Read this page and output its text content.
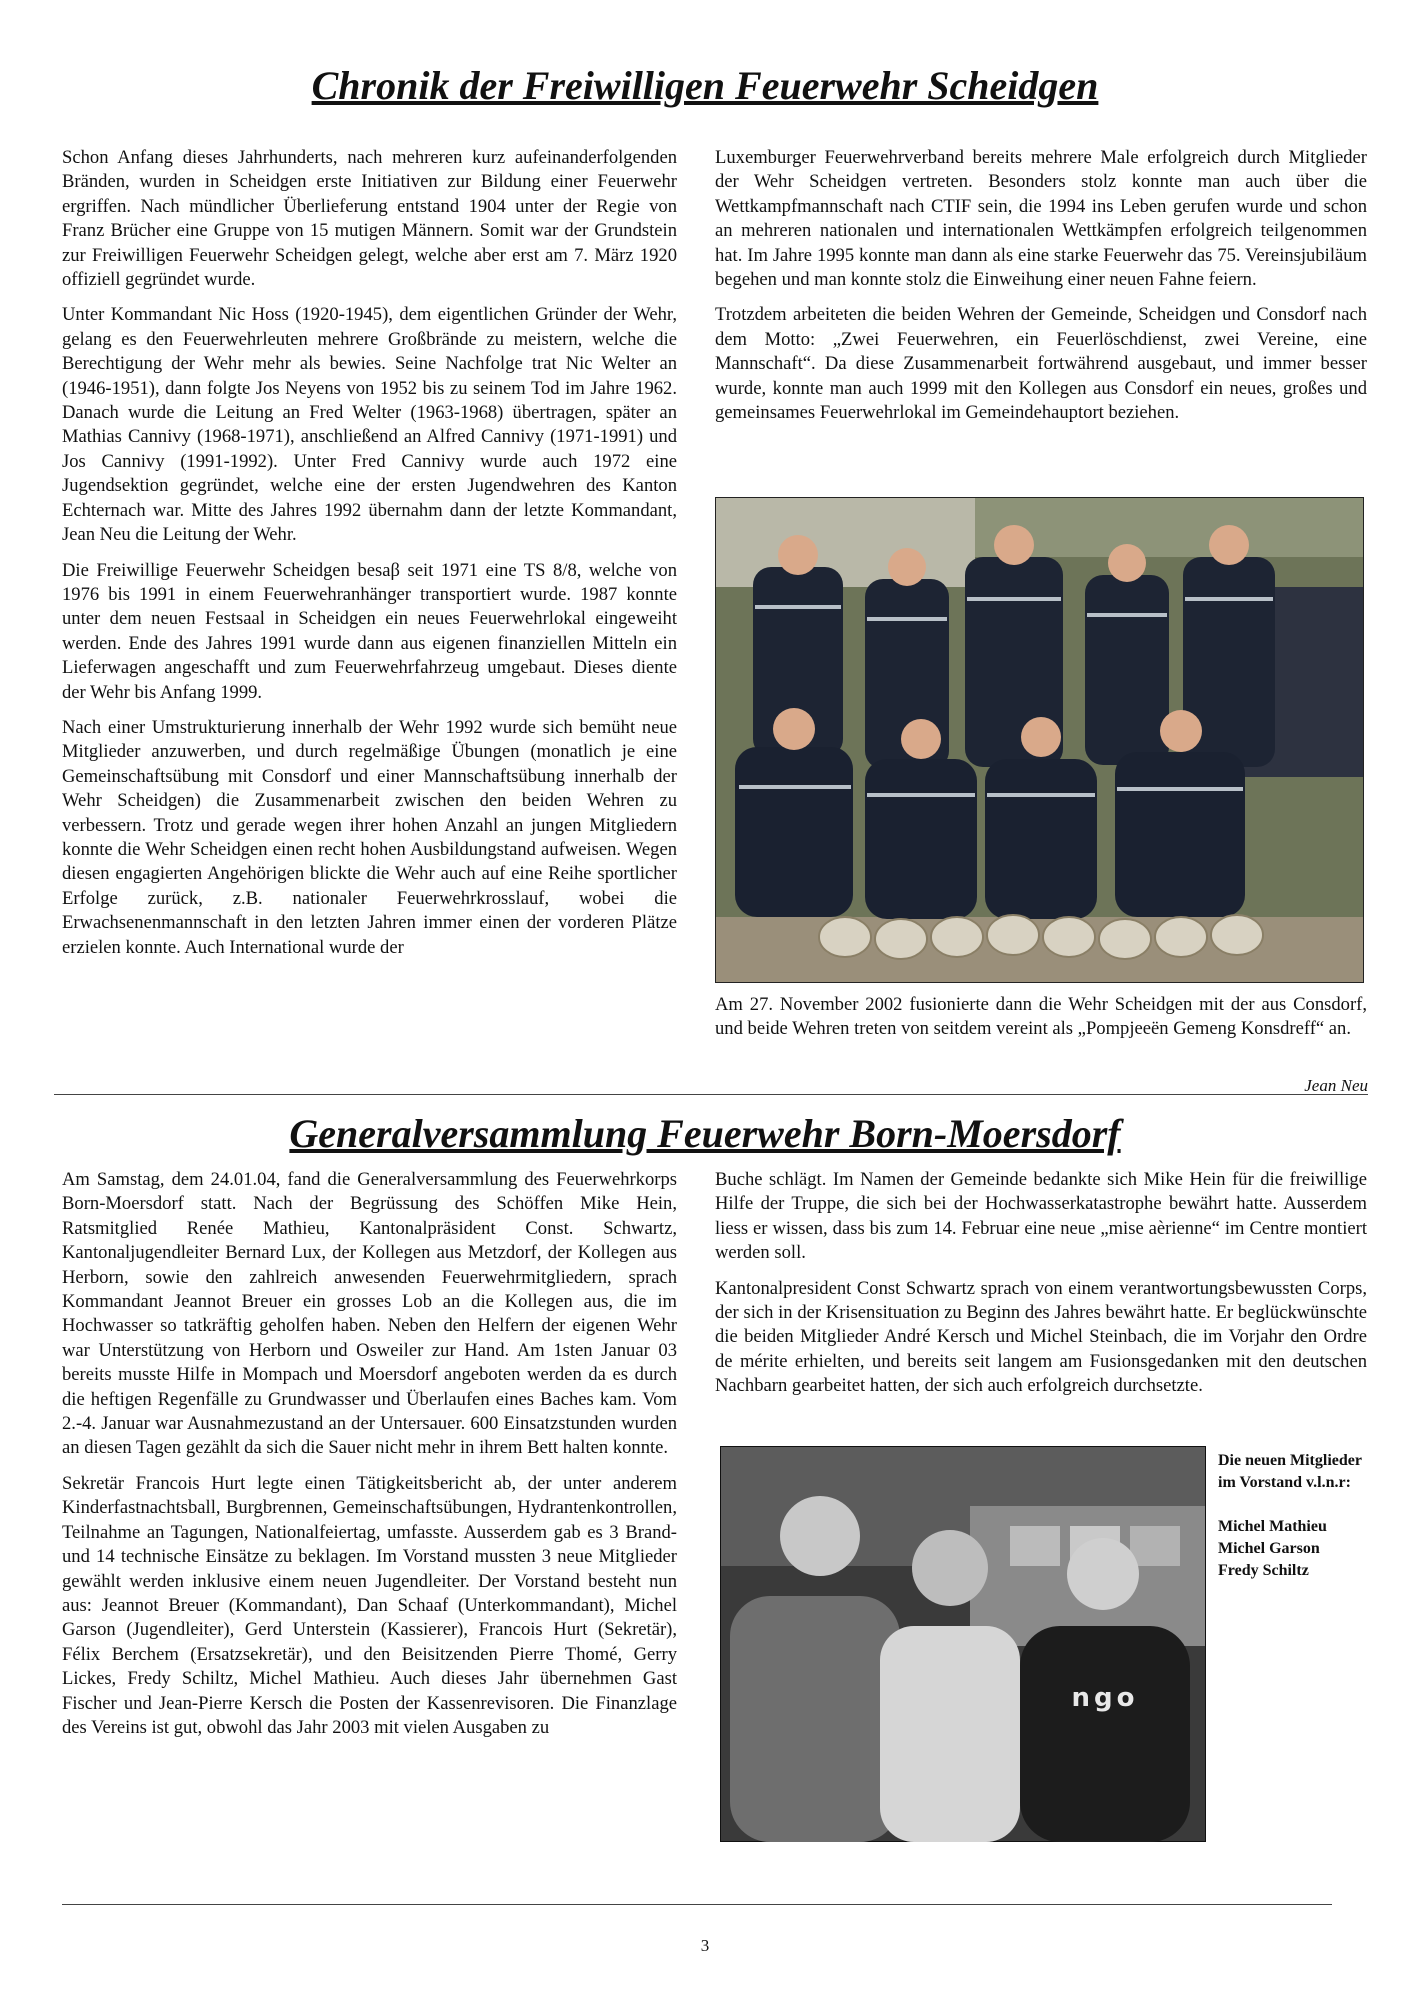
Chronik der Freiwilligen Feuerwehr Scheidgen

Schon Anfang dieses Jahrhunderts, nach mehreren kurz aufeinanderfolgenden Bränden, wurden in Scheidgen erste Initiativen zur Bildung einer Feuerwehr ergriffen. Nach mündlicher Überlieferung entstand 1904 unter der Regie von Franz Brücher eine Gruppe von 15 mutigen Männern. Somit war der Grundstein zur Freiwilligen Feuerwehr Scheidgen gelegt, welche aber erst am 7. März 1920 offiziell gegründet wurde.

Unter Kommandant Nic Hoss (1920-1945), dem eigentlichen Gründer der Wehr, gelang es den Feuerwehrleuten mehrere Großbrände zu meistern, welche die Berechtigung der Wehr mehr als bewies. Seine Nachfolge trat Nic Welter an (1946-1951), dann folgte Jos Neyens von 1952 bis zu seinem Tod im Jahre 1962. Danach wurde die Leitung an Fred Welter (1963-1968) übertragen, später an Mathias Cannivy (1968-1971), anschließend an Alfred Cannivy (1971-1991) und Jos Cannivy (1991-1992). Unter Fred Cannivy wurde auch 1972 eine Jugendsektion gegründet, welche eine der ersten Jugendwehren des Kanton Echternach war. Mitte des Jahres 1992 übernahm dann der letzte Kommandant, Jean Neu die Leitung der Wehr.

Die Freiwillige Feuerwehr Scheidgen besaβ seit 1971 eine TS 8/8, welche von 1976 bis 1991 in einem Feuerwehranhänger transportiert wurde. 1987 konnte unter dem neuen Festsaal in Scheidgen ein neues Feuerwehrlokal eingeweiht werden. Ende des Jahres 1991 wurde dann aus eigenen finanziellen Mitteln ein Lieferwagen angeschafft und zum Feuerwehrfahrzeug umgebaut. Dieses diente der Wehr bis Anfang 1999.

Nach einer Umstrukturierung innerhalb der Wehr 1992 wurde sich bemüht neue Mitglieder anzuwerben, und durch regelmäßige Übungen (monatlich je eine Gemeinschaftsübung mit Consdorf und einer Mannschaftsübung innerhalb der Wehr Scheidgen) die Zusammenarbeit zwischen den beiden Wehren zu verbessern. Trotz und gerade wegen ihrer hohen Anzahl an jungen Mitgliedern konnte die Wehr Scheidgen einen recht hohen Ausbildungstand aufweisen. Wegen diesen engagierten Angehörigen blickte die Wehr auch auf eine Reihe sportlicher Erfolge zurück, z.B. nationaler Feuerwehrkrosslauf, wobei die Erwachsenenmannschaft in den letzten Jahren immer einen der vorderen Plätze erzielen konnte. Auch International wurde der

Luxemburger Feuerwehrverband bereits mehrere Male erfolgreich durch Mitglieder der Wehr Scheidgen vertreten. Besonders stolz konnte man auch über die Wettkampfmannschaft nach CTIF sein, die 1994 ins Leben gerufen wurde und schon an mehreren nationalen und internationalen Wettkämpfen erfolgreich teilgenommen hat. Im Jahre 1995 konnte man dann als eine starke Feuerwehr das 75. Vereinsjubiläum begehen und man konnte stolz die Einweihung einer neuen Fahne feiern.

Trotzdem arbeiteten die beiden Wehren der Gemeinde, Scheidgen und Consdorf nach dem Motto: „Zwei Feuerwehren, ein Feuerlöschdienst, zwei Vereine, eine Mannschaft“. Da diese Zusammenarbeit fortwährend ausgebaut, und immer besser wurde, konnte man auch 1999 mit den Kollegen aus Consdorf ein neues, großes und gemeinsames Feuerwehrlokal im Gemeindehauptort beziehen.

Am 27. November 2002 fusionierte dann die Wehr Scheidgen mit der aus Consdorf, und beide Wehren treten von seitdem vereint als „Pompjeeën Gemeng Konsdreff“ an.

Jean Neu
Generalversammlung Feuerwehr Born-Moersdorf

Am Samstag, dem 24.01.04, fand die Generalversammlung des Feuerwehrkorps Born-Moersdorf statt. Nach der Begrüssung des Schöffen Mike Hein, Ratsmitglied Renée Mathieu, Kantonalpräsident Const. Schwartz, Kantonaljugendleiter Bernard Lux, der Kollegen aus Metzdorf, der Kollegen aus Herborn, sowie den zahlreich anwesenden Feuerwehrmitgliedern, sprach Kommandant Jeannot Breuer ein grosses Lob an die Kollegen aus, die im Hochwasser so tatkräftig geholfen haben. Neben den Helfern der eigenen Wehr war Unterstützung von Herborn und Osweiler zur Hand. Am 1sten Januar 03 bereits musste Hilfe in Mompach und Moersdorf angeboten werden da es durch die heftigen Regenfälle zu Grundwasser und Überlaufen eines Baches kam. Vom 2.-4. Januar war Ausnahmezustand an der Untersauer. 600 Einsatzstunden wurden an diesen Tagen gezählt da sich die Sauer nicht mehr in ihrem Bett halten konnte.

Sekretär Francois Hurt legte einen Tätigkeitsbericht ab, der unter anderem Kinderfastnachtsball, Burgbrennen, Gemeinschaftsübungen, Hydrantenkontrollen, Teilnahme an Tagungen, Nationalfeiertag, umfasste. Ausserdem gab es 3 Brand- und 14 technische Einsätze zu beklagen. Im Vorstand mussten 3 neue Mitglieder gewählt werden inklusive einem neuen Jugendleiter. Der Vorstand besteht nun aus: Jeannot Breuer (Kommandant), Dan Schaaf (Unterkommandant), Michel Garson (Jugendleiter), Gerd Unterstein (Kassierer), Francois Hurt (Sekretär), Félix Berchem (Ersatzsekretär), und den Beisitzenden Pierre Thomé, Gerry Lickes, Fredy Schiltz, Michel Mathieu. Auch dieses Jahr übernehmen Gast Fischer und Jean-Pierre Kersch die Posten der Kassenrevisoren. Die Finanzlage des Vereins ist gut, obwohl das Jahr 2003 mit vielen Ausgaben zu

Buche schlägt. Im Namen der Gemeinde bedankte sich Mike Hein für die freiwillige Hilfe der Truppe, die sich bei der Hochwasserkatastrophe bewährt hatte. Ausserdem liess er wissen, dass bis zum 14. Februar eine neue „mise aèrienne“ im Centre montiert werden soll.

Kantonalpresident Const Schwartz sprach von einem verantwortungsbewussten Corps, der sich in der Krisensituation zu Beginn des Jahres bewährt hatte. Er beglückwünschte die beiden Mitglieder André Kersch und Michel Steinbach, die im Vorjahr den Ordre de mérite erhielten, und bereits seit langem am Fusionsgedanken mit den deutschen Nachbarn gearbeitet hatten, der sich auch erfolgreich durchsetzte.

ngo
Die neuen Mitglieder im Vorstand v.l.n.r:
Michel Mathieu
Michel Garson
Fredy Schiltz
3
